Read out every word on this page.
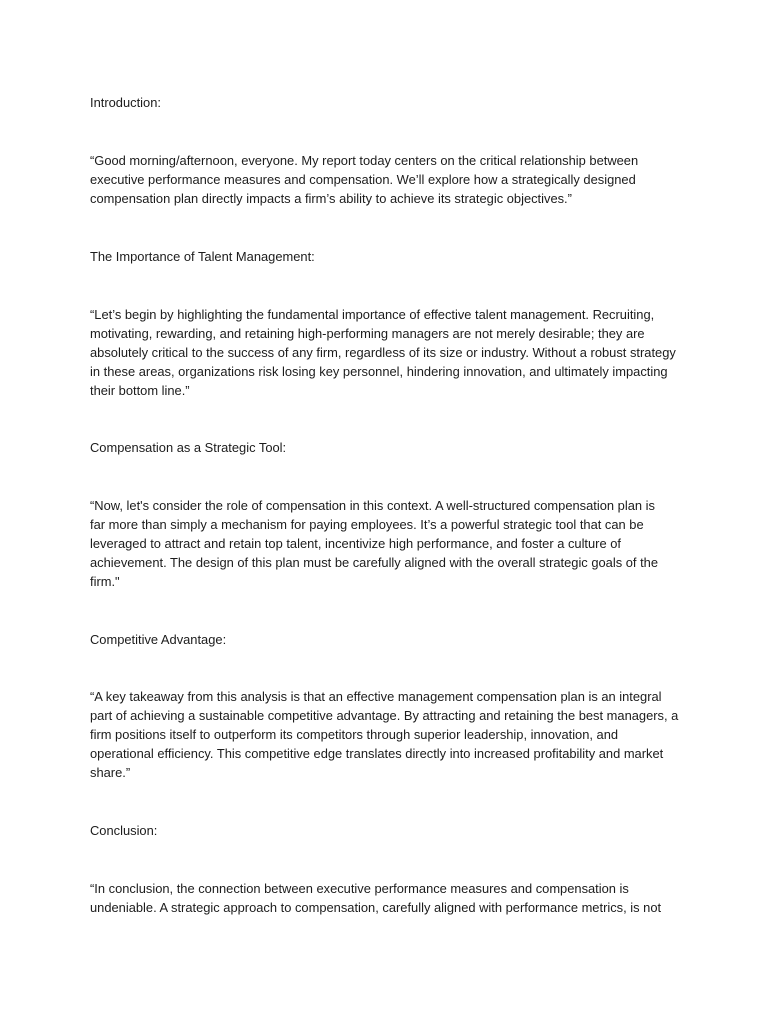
Introduction:

“Good morning/afternoon, everyone. My report today centers on the critical relationship between
executive performance measures and compensation. We’ll explore how a strategically designed
compensation plan directly impacts a firm’s ability to achieve its strategic objectives.”

The Importance of Talent Management:

“Let’s begin by highlighting the fundamental importance of effective talent management. Recruiting,
motivating, rewarding, and retaining high-performing managers are not merely desirable; they are
absolutely critical to the success of any firm, regardless of its size or industry. Without a robust strategy
in these areas, organizations risk losing key personnel, hindering innovation, and ultimately impacting
their bottom line.”

Compensation as a Strategic Tool:

“Now, let's consider the role of compensation in this context. A well-structured compensation plan is
far more than simply a mechanism for paying employees. It’s a powerful strategic tool that can be
leveraged to attract and retain top talent, incentivize high performance, and foster a culture of
achievement. The design of this plan must be carefully aligned with the overall strategic goals of the
firm."

Competitive Advantage:

“A key takeaway from this analysis is that an effective management compensation plan is an integral
part of achieving a sustainable competitive advantage. By attracting and retaining the best managers, a
firm positions itself to outperform its competitors through superior leadership, innovation, and
operational efficiency. This competitive edge translates directly into increased profitability and market
share.”

Conclusion:

“In conclusion, the connection between executive performance measures and compensation is
undeniable. A strategic approach to compensation, carefully aligned with performance metrics, is not
